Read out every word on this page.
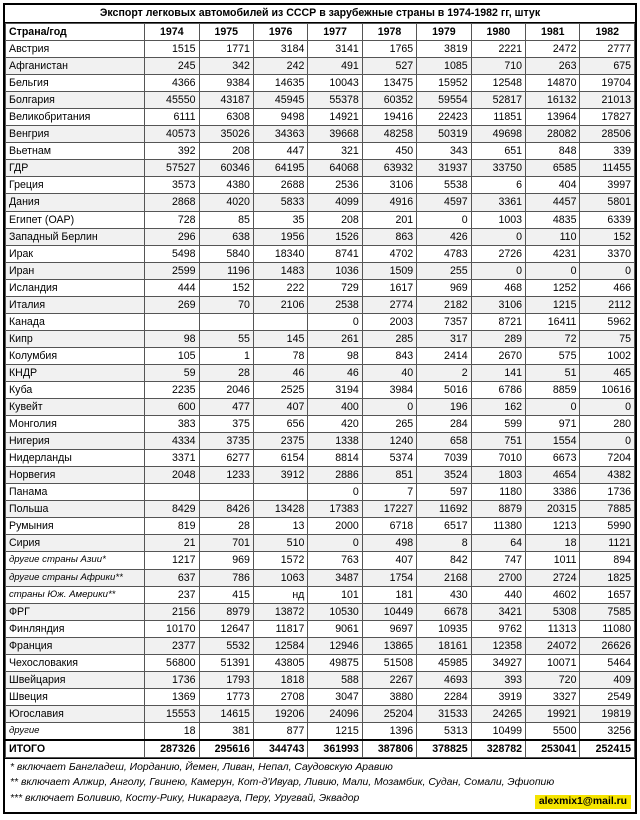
Экспорт легковых автомобилей из СССР в зарубежные страны в 1974-1982 гг, штук
Страна/год	1974	1975	1976	1977	1978	1979	1980	1981	1982
Австрия	1515	1771	3184	3141	1765	3819	2221	2472	2777
Афганистан	245	342	242	491	527	1085	710	263	675
Бельгия	4366	9384	14635	10043	13475	15952	12548	14870	19704
Болгария	45550	43187	45945	55378	60352	59554	52817	16132	21013
Великобритания	6111	6308	9498	14921	19416	22423	11851	13964	17827
Венгрия	40573	35026	34363	39668	48258	50319	49698	28082	28506
Вьетнам	392	208	447	321	450	343	651	848	339
ГДР	57527	60346	64195	64068	63932	31937	33750	6585	11455
Греция	3573	4380	2688	2536	3106	5538	6	404	3997
Дания	2868	4020	5833	4099	4916	4597	3361	4457	5801
Египет (ОАР)	728	85	35	208	201	0	1003	4835	6339
Западный Берлин	296	638	1956	1526	863	426	0	110	152
Ирак	5498	5840	18340	8741	4702	4783	2726	4231	3370
Иран	2599	1196	1483	1036	1509	255	0	0	0
Исландия	444	152	222	729	1617	969	468	1252	466
Италия	269	70	2106	2538	2774	2182	3106	1215	2112
Канада				0	2003	7357	8721	16411	5962
Кипр	98	55	145	261	285	317	289	72	75
Колумбия	105	1	78	98	843	2414	2670	575	1002
КНДР	59	28	46	46	40	2	141	51	465
Куба	2235	2046	2525	3194	3984	5016	6786	8859	10616
Кувейт	600	477	407	400	0	196	162	0	0
Монголия	383	375	656	420	265	284	599	971	280
Нигерия	4334	3735	2375	1338	1240	658	751	1554	0
Нидерланды	3371	6277	6154	8814	5374	7039	7010	6673	7204
Норвегия	2048	1233	3912	2886	851	3524	1803	4654	4382
Панама				0	7	597	1180	3386	1736
Польша	8429	8426	13428	17383	17227	11692	8879	20315	7885
Румыния	819	28	13	2000	6718	6517	11380	1213	5990
Сирия	21	701	510	0	498	8	64	18	1121
другие страны Азии*	1217	969	1572	763	407	842	747	1011	894
другие страны Африки**	637	786	1063	3487	1754	2168	2700	2724	1825
страны Юж. Америки**	237	415	нд	101	181	430	440	4602	1657
ФРГ	2156	8979	13872	10530	10449	6678	3421	5308	7585
Финляндия	10170	12647	11817	9061	9697	10935	9762	11313	11080
Франция	2377	5532	12584	12946	13865	18161	12358	24072	26626
Чехословакия	56800	51391	43805	49875	51508	45985	34927	10071	5464
Швейцария	1736	1793	1818	588	2267	4693	393	720	409
Швеция	1369	1773	2708	3047	3880	2284	3919	3327	2549
Югославия	15553	14615	19206	24096	25204	31533	24265	19921	19819
другие	18	381	877	1215	1396	5313	10499	5500	3256
ИТОГО	287326	295616	344743	361993	387806	378825	328782	253041	252415
* включает Бангладеш, Иорданию, Йемен, Ливан, Непал, Саудовскую Аравию
** включает Алжир, Анголу, Гвинею, Камерун, Кот-д'Ивуар, Ливию, Мали, Мозамбик, Судан, Сомали, Эфиопию
*** включает Боливию, Косту-Рику, Никарагуа, Перу, Уругвай, Эквадор	alexmix1@mail.ru
